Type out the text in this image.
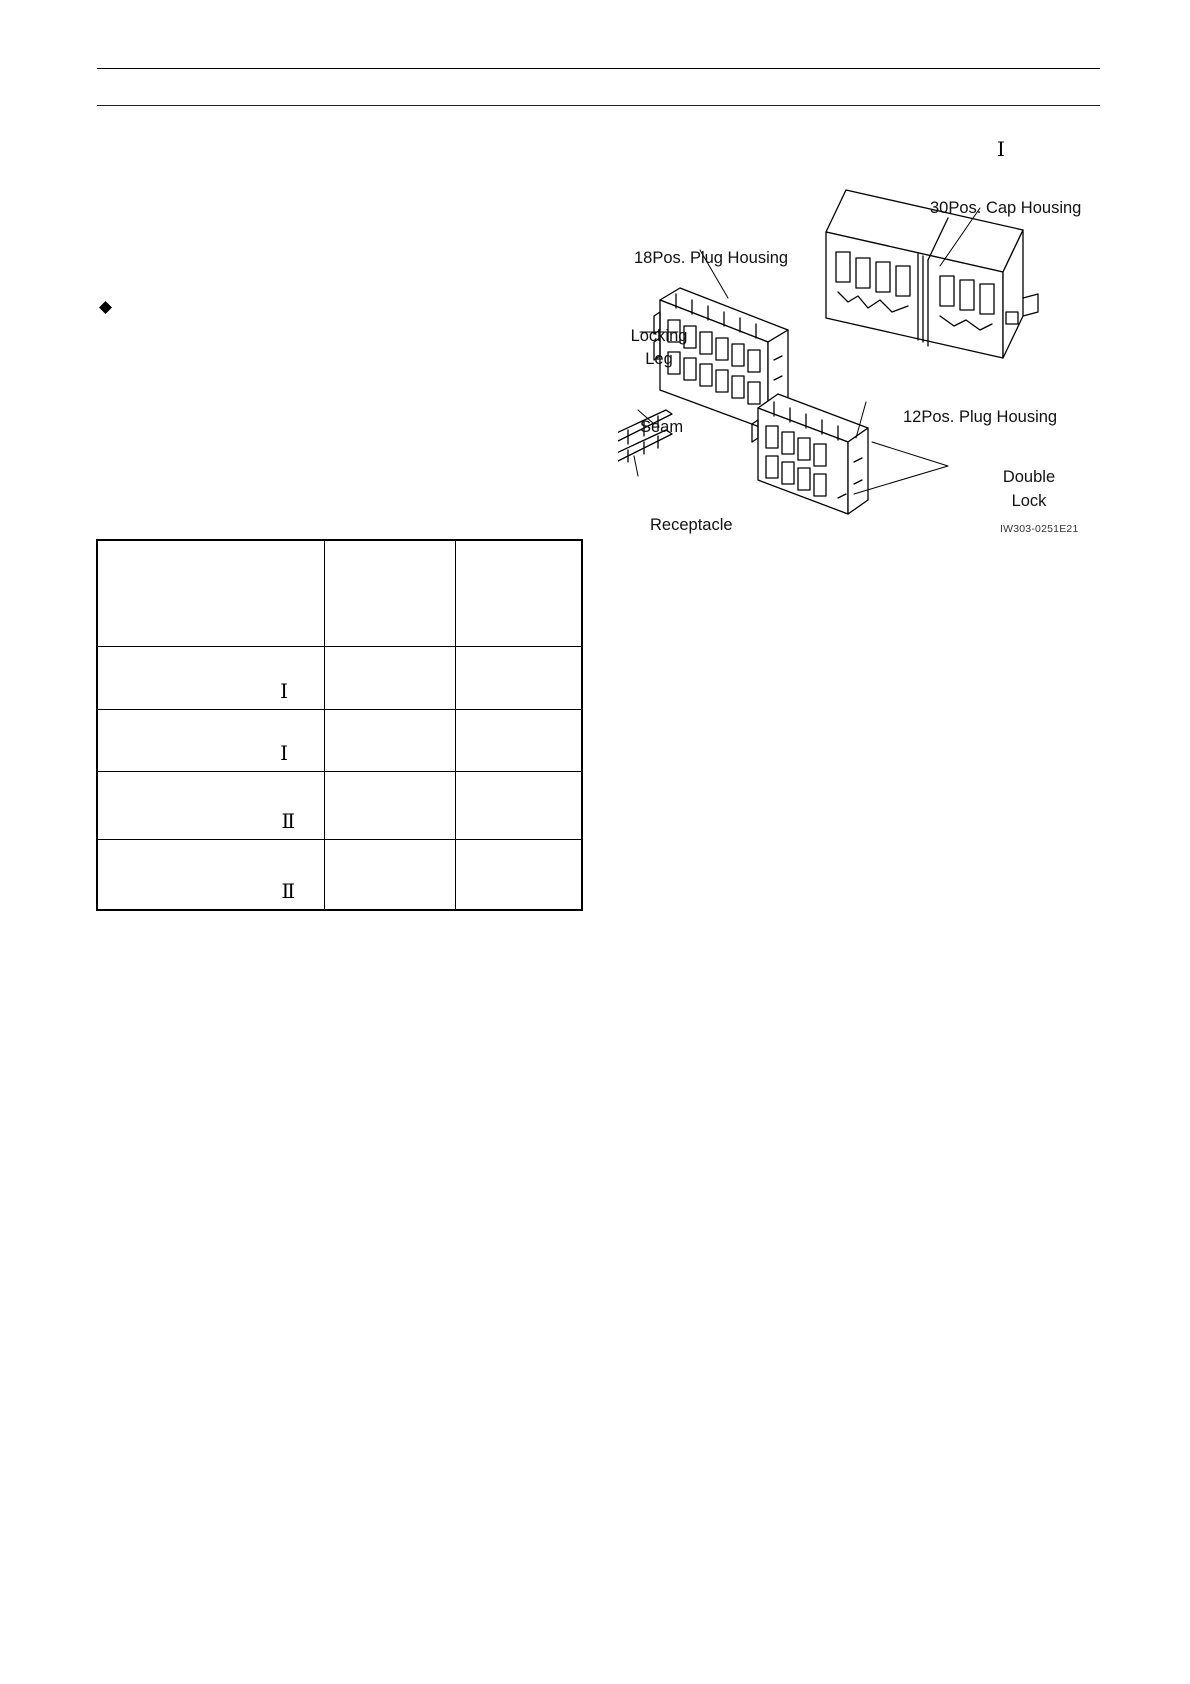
Ⅰ

Ⅰ		

Ⅰ		

Ⅱ		

Ⅱ		

30Pos. Cap Housing
18Pos. Plug Housing
Locking
Leg
Seam
12Pos. Plug Housing
Double
Lock
Receptacle	IW303-0251E21
